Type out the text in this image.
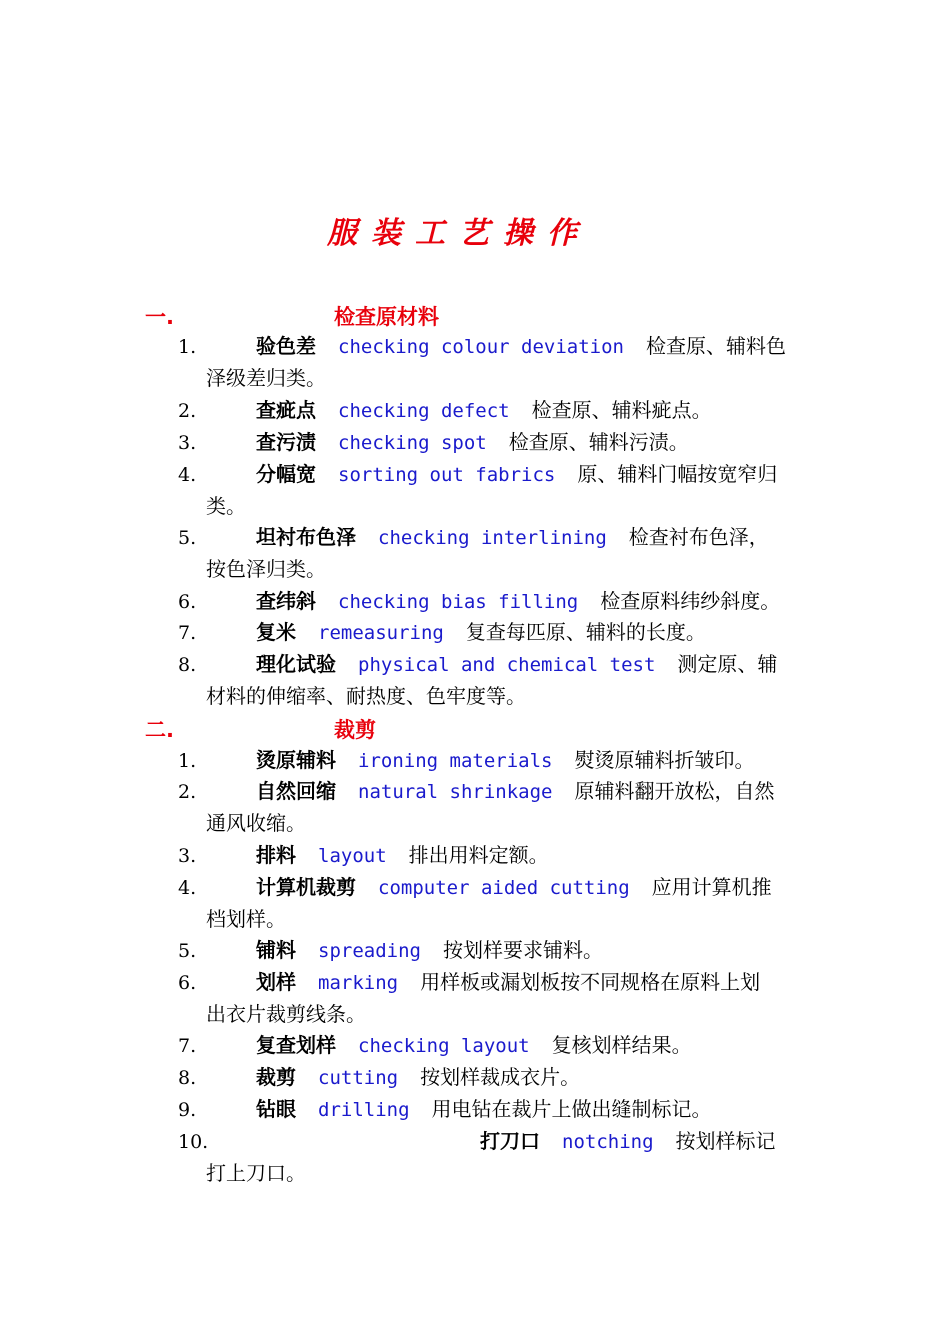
服装工艺操作
一.	检查原材料
1.	验色差 checking colour deviation 检查原、辅料色
泽级差归类。
2.	查疵点 checking defect 检查原、辅料疵点。
3.	查污渍 checking spot 检查原、辅料污渍。
4.	分幅宽 sorting out fabrics 原、辅料门幅按宽窄归
类。
5.	坦衬布色泽 checking interlining 检查衬布色泽，
按色泽归类。
6.	查纬斜 checking bias filling 检查原料纬纱斜度。
7.	复米 remeasuring 复查每匹原、辅料的长度。
8.	理化试验 physical and chemical test 测定原、辅
材料的伸缩率、耐热度、色牢度等。
二.	裁剪
1.	烫原辅料 ironing materials 熨烫原辅料折皱印。
2.	自然回缩 natural shrinkage 原辅料翻开放松，自然
通风收缩。
3.	排料 layout 排出用料定额。
4.	计算机裁剪 computer aided cutting 应用计算机推
档划样。
5.	铺料 spreading 按划样要求铺料。
6.	划样 marking 用样板或漏划板按不同规格在原料上划
出衣片裁剪线条。
7.	复查划样 checking layout 复核划样结果。
8.	裁剪 cutting 按划样裁成衣片。
9.	钻眼 drilling 用电钻在裁片上做出缝制标记。
10.	打刀口 notching 按划样标记
打上刀口。
